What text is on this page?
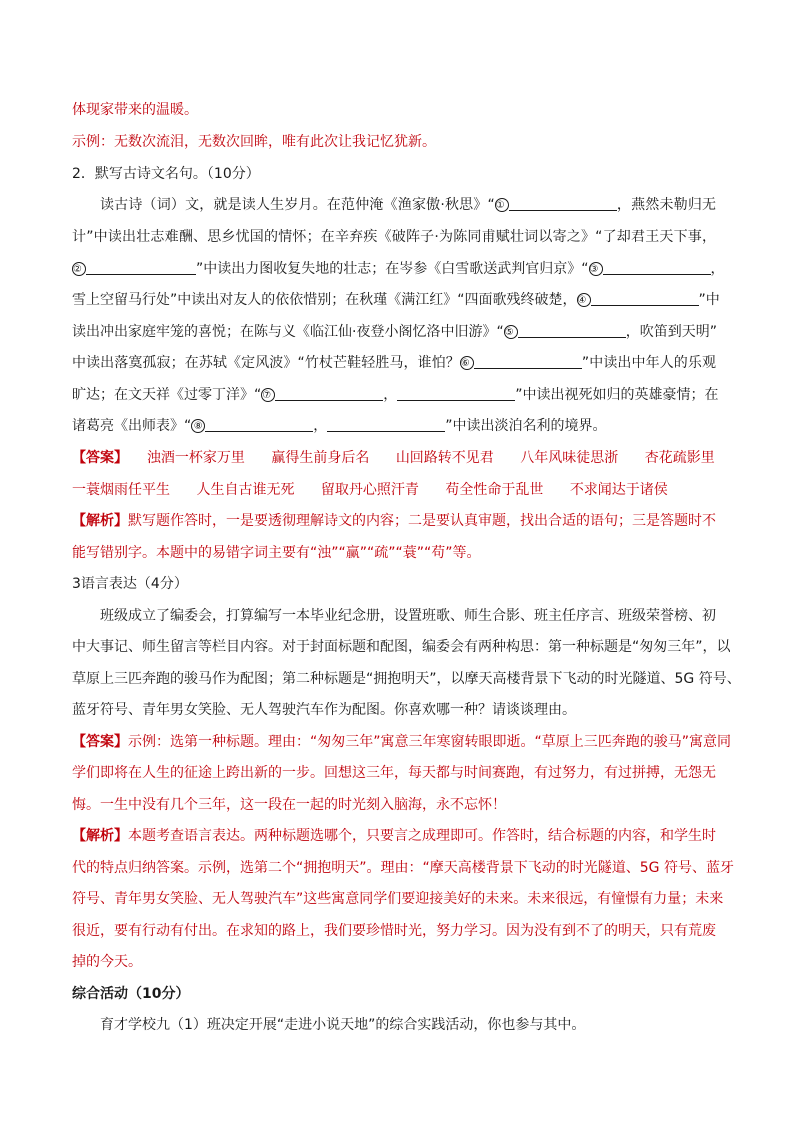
体现家带来的温暖。
示例：无数次流泪，无数次回眸，唯有此次让我记忆犹新。
2．默写古诗文名句。（10分）
读古诗（词）文，就是读人生岁月。在范仲淹《渔家傲·秋思》“①	，燕然未勒归无
计”中读出壮志难酬、思乡忧国的情怀；在辛弃疾《破阵子·为陈同甫赋壮词以寄之》“了却君王天下事，
②	”中读出力图收复失地的壮志；在岑参《白雪歌送武判官归京》“③	，
雪上空留马行处”中读出对友人的依依惜别；在秋瑾《满江红》“四面歌残终破楚，④	”中
读出冲出家庭牢笼的喜悦；在陈与义《临江仙·夜登小阁忆洛中旧游》“⑤	，吹笛到天明”
中读出落寞孤寂；在苏轼《定风波》“竹杖芒鞋轻胜马，谁怕？⑥	”中读出中年人的乐观
旷达；在文天祥《过零丁洋》“⑦	，	”中读出视死如归的英雄豪情；在
诸葛亮《出师表》“ ⑧	，	”中读出淡泊名利的境界。
【答案】 浊酒一杯家万里 赢得生前身后名 山回路转不见君 八年风味徒思浙 杏花疏影里
一蓑烟雨任平生 人生自古谁无死 留取丹心照汗青 苟全性命于乱世 不求闻达于诸侯
【解析】默写题作答时，一是要透彻理解诗文的内容；二是要认真审题，找出合适的语句；三是答题时不
能写错别字。本题中的易错字词主要有“浊”“赢”“疏”“蓑”“苟”等。
3语言表达（4分）
班级成立了编委会，打算编写一本毕业纪念册，设置班歌、师生合影、班主任序言、班级荣誉榜、初
中大事记、师生留言等栏目内容。对于封面标题和配图，编委会有两种构思：第一种标题是“匆匆三年”，以
草原上三匹奔跑的骏马作为配图；第二种标题是“拥抱明天”，以摩天高楼背景下飞动的时光隧道、5G 符号、
蓝牙符号、青年男女笑脸、无人驾驶汽车作为配图。你喜欢哪一种？请谈谈理由。
【答案】示例：选第一种标题。理由：“匆匆三年”寓意三年寒窗转眼即逝。“草原上三匹奔跑的骏马”寓意同
学们即将在人生的征途上跨出新的一步。回想这三年，每天都与时间赛跑，有过努力，有过拼搏，无怨无
悔。一生中没有几个三年，这一段在一起的时光刻入脑海，永不忘怀！
【解析】本题考查语言表达。两种标题选哪个，只要言之成理即可。作答时，结合标题的内容，和学生时
代的特点归纳答案。示例，选第二个“拥抱明天”。理由：“摩天高楼背景下飞动的时光隧道、5G 符号、蓝牙
符号、青年男女笑脸、无人驾驶汽车”这些寓意同学们要迎接美好的未来。未来很远，有憧憬有力量；未来
很近，要有行动有付出。在求知的路上，我们要珍惜时光，努力学习。因为没有到不了的明天，只有荒废
掉的今天。
综合活动（10分）
育才学校九（1）班决定开展“走进小说天地”的综合实践活动，你也参与其中。
